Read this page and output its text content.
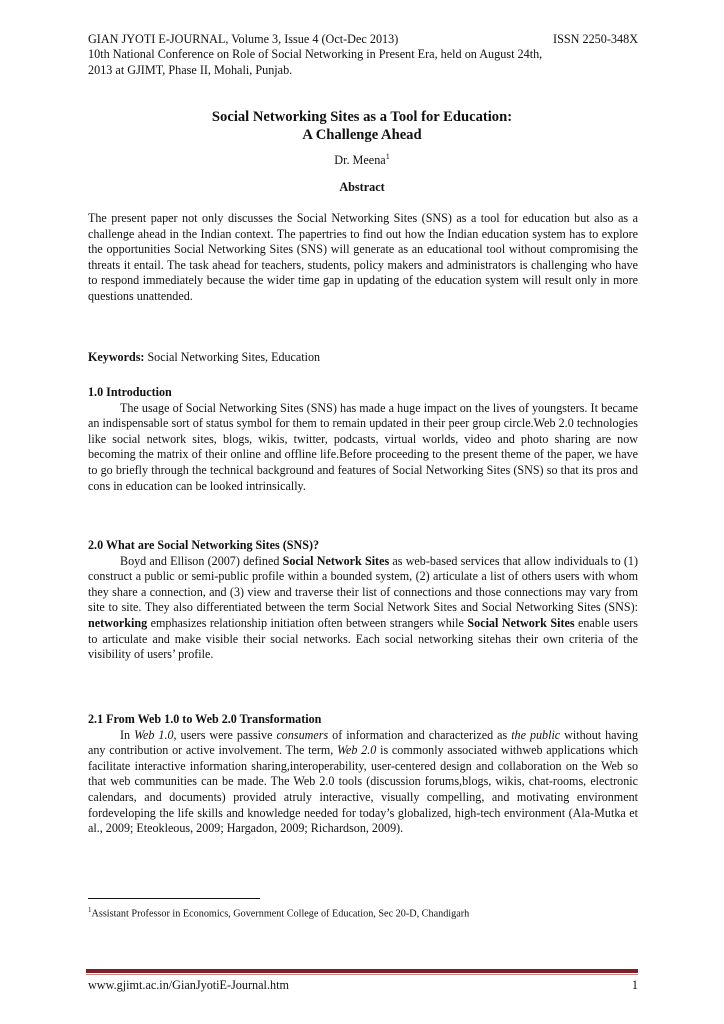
GIAN JYOTI E-JOURNAL, Volume 3, Issue 4 (Oct-Dec 2013)	ISSN 2250-348X
10th National Conference on Role of Social Networking in Present Era, held on August 24th,
2013 at GJIMT, Phase II, Mohali, Punjab.
Social Networking Sites as a Tool for Education:
A Challenge Ahead
Dr. Meena$^1$
Abstract

The present paper not only discusses the Social Networking Sites (SNS) as a tool for education but also as a challenge ahead in the Indian context. The papertries to find out how the Indian education system has to explore the opportunities Social Networking Sites (SNS) will generate as an educational tool without compromising the threats it entail. The task ahead for teachers, students, policy makers and administrators is challenging who have to respond immediately because the wider time gap in updating of the education system will result only in more questions unattended.

Keywords: Social Networking Sites, Education

1.0 Introduction

The usage of Social Networking Sites (SNS) has made a huge impact on the lives of youngsters. It became an indispensable sort of status symbol for them to remain updated in their peer group circle.Web 2.0 technologies like social network sites, blogs, wikis, twitter, podcasts, virtual worlds, video and photo sharing are now becoming the matrix of their online and offline life.Before proceeding to the present theme of the paper, we have to go briefly through the technical background and features of Social Networking Sites (SNS) so that its pros and cons in education can be looked intrinsically.

2.0 What are Social Networking Sites (SNS)?

Boyd and Ellison (2007) defined Social Network Sites as web-based services that allow individuals to (1) construct a public or semi-public profile within a bounded system, (2) articulate a list of others users with whom they share a connection, and (3) view and traverse their list of connections and those connections may vary from site to site. They also differentiated between the term Social Network Sites and Social Networking Sites (SNS): networking emphasizes relationship initiation often between strangers while Social Network Sites enable users to articulate and make visible their social networks. Each social networking sitehas their own criteria of the visibility of users’ profile.

2.1 From Web 1.0 to Web 2.0 Transformation

In Web 1.0, users were passive consumers of information and characterized as the public without having any contribution or active involvement. The term, Web 2.0 is commonly associated withweb applications which facilitate interactive information sharing,interoperability, user-centered design and collaboration on the Web so that web communities can be made. The Web 2.0 tools (discussion forums,blogs, wikis, chat-rooms, electronic calendars, and documents) provided atruly interactive, visually compelling, and motivating environment fordeveloping the life skills and knowledge needed for today’s globalized, high-tech environment (Ala-Mutka et al., 2009; Eteokleous, 2009; Hargadon, 2009; Richardson, 2009).

$^1$Assistant Professor in Economics, Government College of Education, Sec 20-D, Chandigarh
www.gjimt.ac.in/GianJyotiE-Journal.htm	1
